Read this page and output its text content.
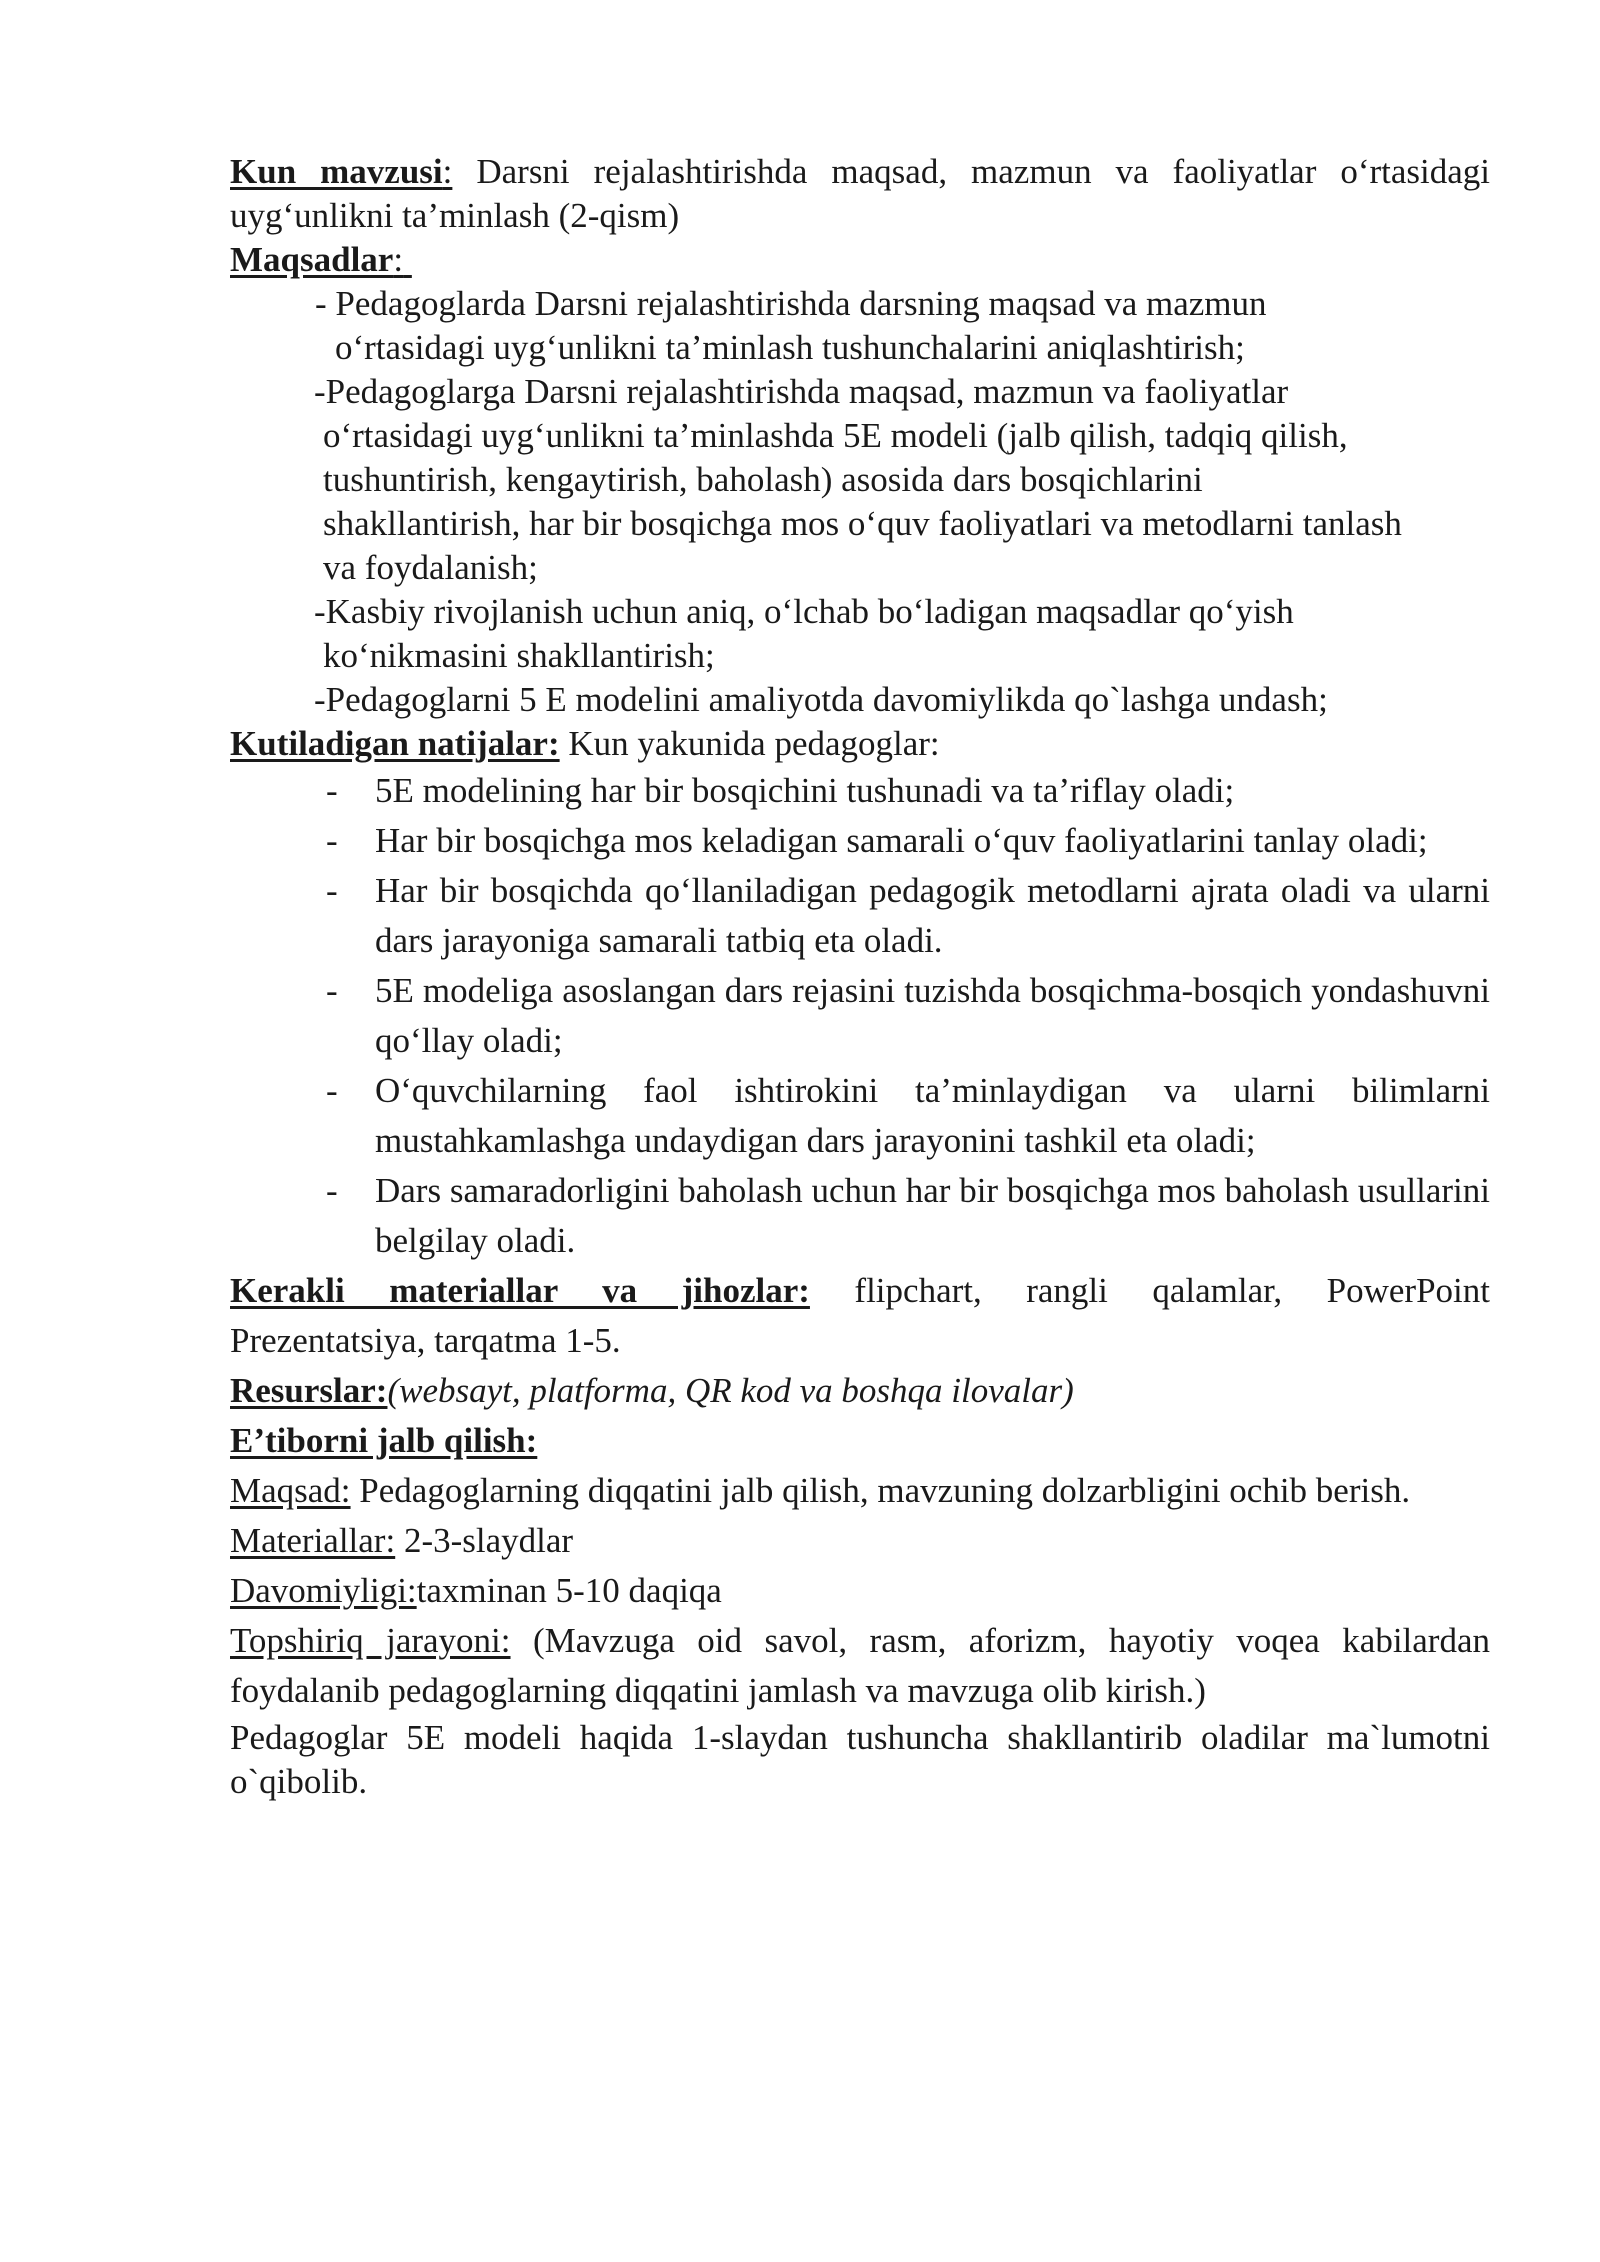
Kun mavzusi: Darsni rejalashtirishda maqsad, mazmun va faoliyatlar o‘rtasidagi
uyg‘unlikni ta’minlash (2-qism)
Maqsadlar:
- Pedagoglarda Darsni rejalashtirishda darsning maqsad va mazmun
o‘rtasidagi uyg‘unlikni ta’minlash tushunchalarini aniqlashtirish;
-Pedagoglarga Darsni rejalashtirishda maqsad, mazmun va faoliyatlar
o‘rtasidagi uyg‘unlikni ta’minlashda 5E modeli (jalb qilish, tadqiq qilish,
tushuntirish, kengaytirish, baholash) asosida dars bosqichlarini
shakllantirish, har bir bosqichga mos o‘quv faoliyatlari va metodlarni tanlash
va foydalanish;
-Kasbiy rivojlanish uchun aniq, o‘lchab bo‘ladigan maqsadlar qo‘yish
ko‘nikmasini shakllantirish;
-Pedagoglarni 5 E modelini amaliyotda davomiylikda qo`lashga undash;
Kutiladigan natijalar: Kun yakunida pedagoglar:
- 5E modelining har bir bosqichini tushunadi va ta’riflay oladi;
- Har bir bosqichga mos keladigan samarali o‘quv faoliyatlarini tanlay oladi;
- Har bir bosqichda qo‘llaniladigan pedagogik metodlarni ajrata oladi va ularni dars jarayoniga samarali tatbiq eta oladi.
- 5E modeliga asoslangan dars rejasini tuzishda bosqichma-bosqich yondashuvni qo‘llay oladi;
- O‘quvchilarning faol ishtirokini ta’minlaydigan va ularni bilimlarni mustahkamlashga undaydigan dars jarayonini tashkil eta oladi;
- Dars samaradorligini baholash uchun har bir bosqichga mos baholash usullarini belgilay oladi.
Kerakli materiallar va jihozlar: flipchart, rangli qalamlar, PowerPoint
Prezentatsiya, tarqatma 1-5.
Resurslar:(websayt, platforma, QR kod va boshqa ilovalar)
E’tiborni jalb qilish:
Maqsad: Pedagoglarning diqqatini jalb qilish, mavzuning dolzarbligini ochib berish.
Materiallar: 2-3-slaydlar
Davomiyligi:taxminan 5-10 daqiqa
Topshiriq jarayoni: (Mavzuga oid savol, rasm, aforizm, hayotiy voqea kabilardan
foydalanib pedagoglarning diqqatini jamlash va mavzuga olib kirish.)
Pedagoglar 5E modeli haqida 1-slaydan tushuncha shakllantirib oladilar ma`lumotni
o`qibolib.
